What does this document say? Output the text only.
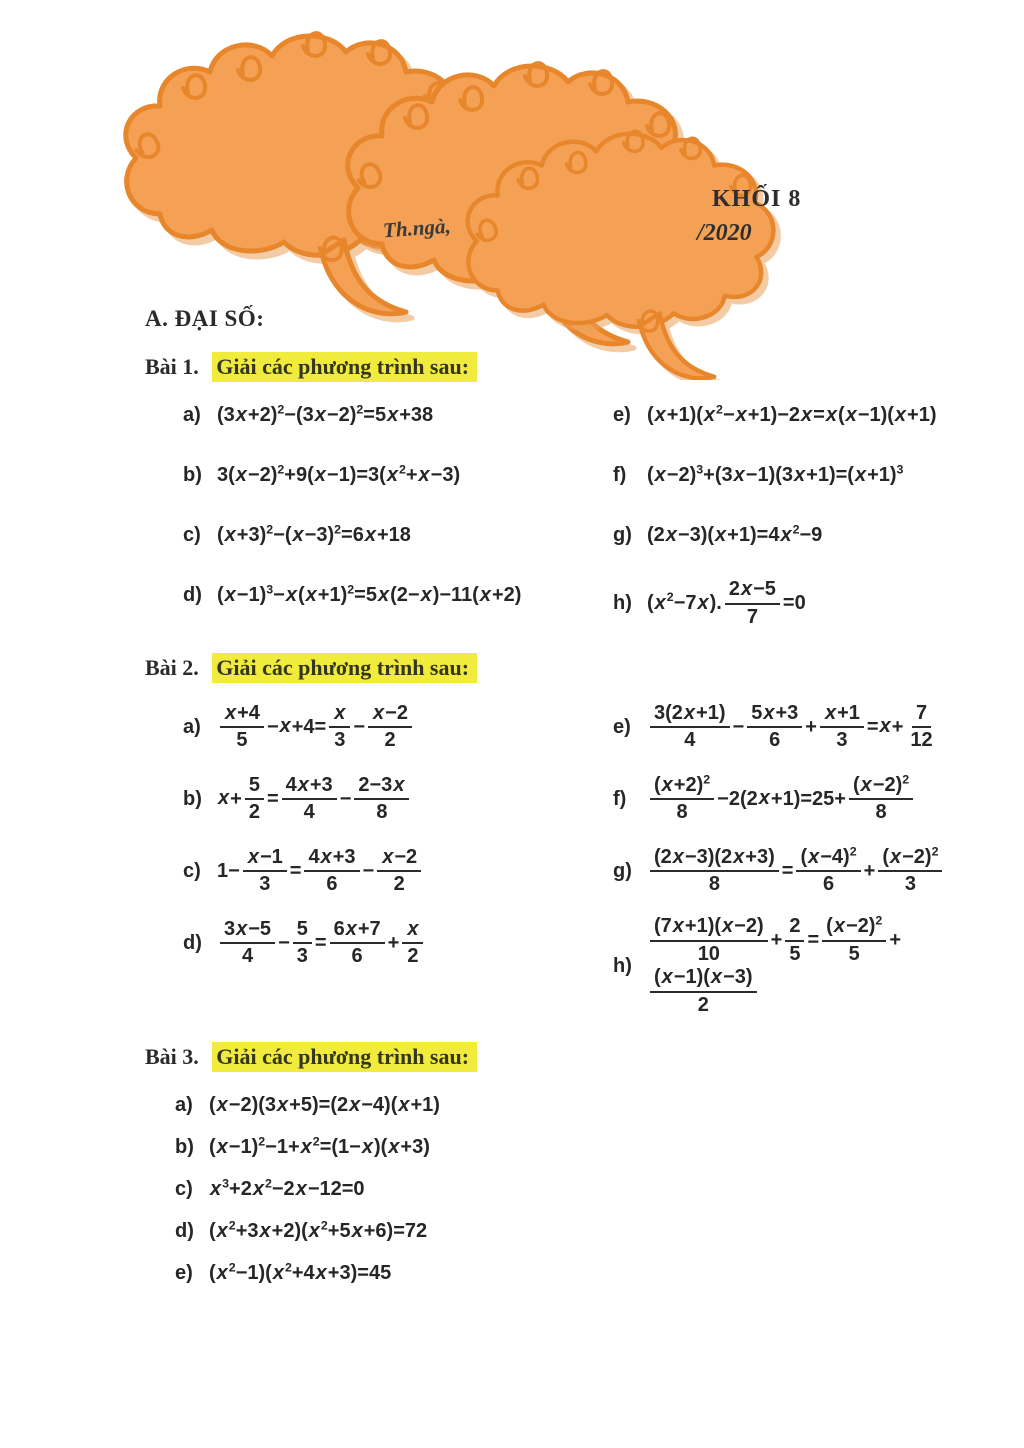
KHỐI 8
/2020
Th.ngà,

A. ĐẠI SỐ:

Bài 1. Giải các phương trình sau:

a) $(3x+2)^2-(3x-2)^2=5x+38$
b) $3(x-2)^2+9(x-1)=3(x^2+x-3)$
c) $(x+3)^2-(x-3)^2=6x+18$
d) $(x-1)^3-x(x+1)^2=5x(2-x)-11(x+2)$
e) $(x+1)(x^2-x+1)-2x=x(x-1)(x+1)$
f)	$(x-2)^3+(3x-1)(3x+1)=(x+1)^3$
g) $(2x-3)(x+1)=4x^2-9$
h) $(x^2-7x)$. $\frac{2x-5}{7} =0$

Bài 2. Giải các phương trình sau:

$a) \frac{x+4}{5} -x+4= \frac{x}{3} - \frac{x-2}{2}$
b) $x+ \frac{5}{2} = \frac{4x+3}{4} - \frac{2-3x}{8}$
c) $1- \frac{x-1}{3} = \frac{4x+3}{6} - \frac{x-2}{2}$
$d) \frac{3x-5}{4} - \frac{5}{3} = \frac{6x+7}{6} + \frac{x}{2}$
$e) \frac{3(2x+1)}{4} - \frac{5x+3}{6} + \frac{x+1}{3} =x+ \frac{7}{12}$
f)	$\frac{(x+2)^2}{8} -2(2x+1)=25+ \frac{(x-2)^2}{8}$
$g) \frac{(2x-3)(2x+3)}{8} = \frac{(x-4)^2}{6} + \frac{(x-2)^2}{3}$
$h) \frac{(7x+1)(x-2)}{10} + \frac{2}{5} = \frac{(x-2)^2}{5}$ +
$\frac{(x-1)(x-3)}{2}$

Bài 3. Giải các phương trình sau:

a) (x−2)(3x+5)=(2x−4)(x+1)
b) $(x-1)^2-1+x^2=(1-x)(x+3)$
c) $x^3+2x^2-2x-12=0$
d) $(x^2+3x+2)(x^2+5x+6)=72$
e) $(x^2-1)(x^2+4x+3)=45$
